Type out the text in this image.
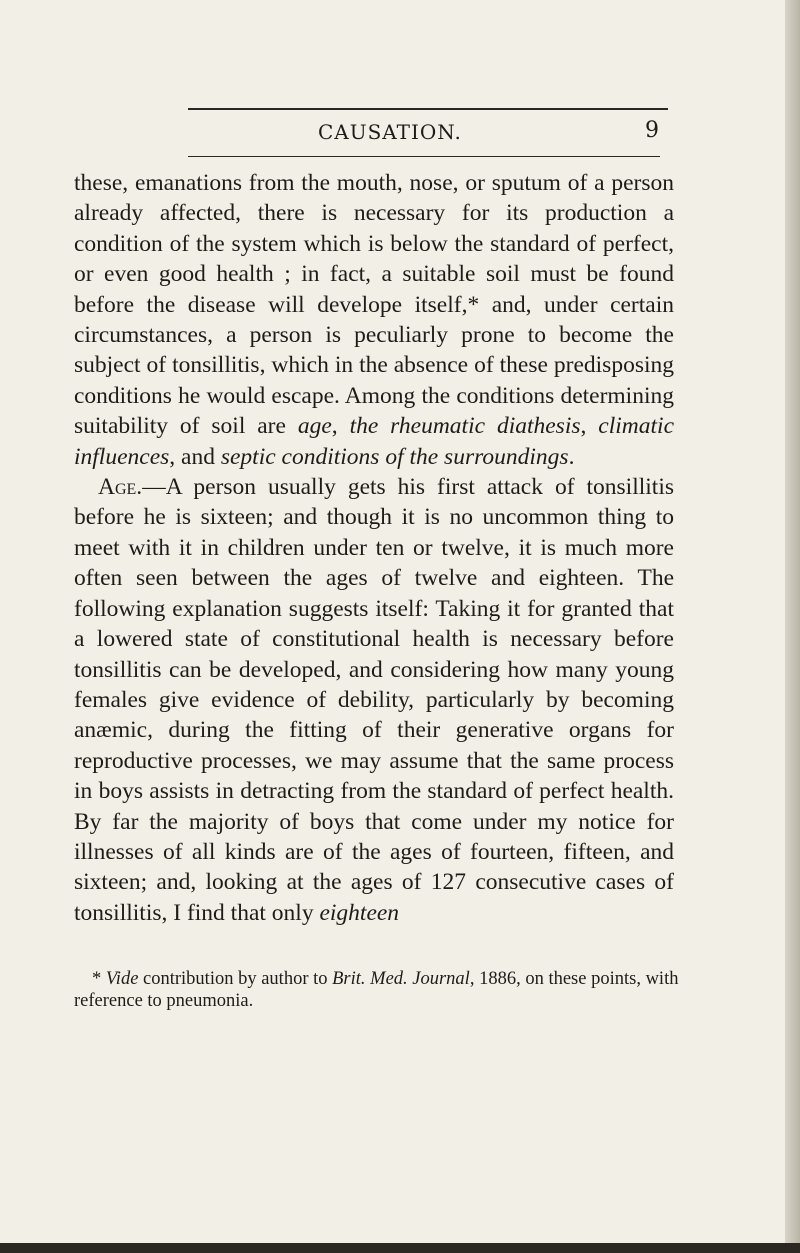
CAUSATION.	9

these, emanations from the mouth, nose, or sputum of a person already affected, there is necessary for its production a condition of the system which is below the standard of perfect, or even good health ; in fact, a suitable soil must be found before the disease will develope itself,* and, under certain circumstances, a person is peculiarly prone to become the subject of tonsillitis, which in the absence of these predisposing conditions he would escape. Among the conditions determining suitability of soil are age, the rheumatic diathesis, climatic influences, and septic conditions of the surroundings.

Age.—A person usually gets his first attack of tonsillitis before he is sixteen; and though it is no uncommon thing to meet with it in children under ten or twelve, it is much more often seen between the ages of twelve and eighteen. The following explanation suggests itself: Taking it for granted that a lowered state of constitutional health is necessary before tonsillitis can be developed, and considering how many young females give evidence of debility, particularly by becoming anæmic, during the fitting of their generative organs for reproductive processes, we may assume that the same process in boys assists in detracting from the standard of perfect health. By far the majority of boys that come under my notice for illnesses of all kinds are of the ages of fourteen, fifteen, and sixteen; and, looking at the ages of 127 consecutive cases of tonsillitis, I find that only eighteen

* Vide contribution by author to Brit. Med. Journal, 1886, on these points, with reference to pneumonia.
